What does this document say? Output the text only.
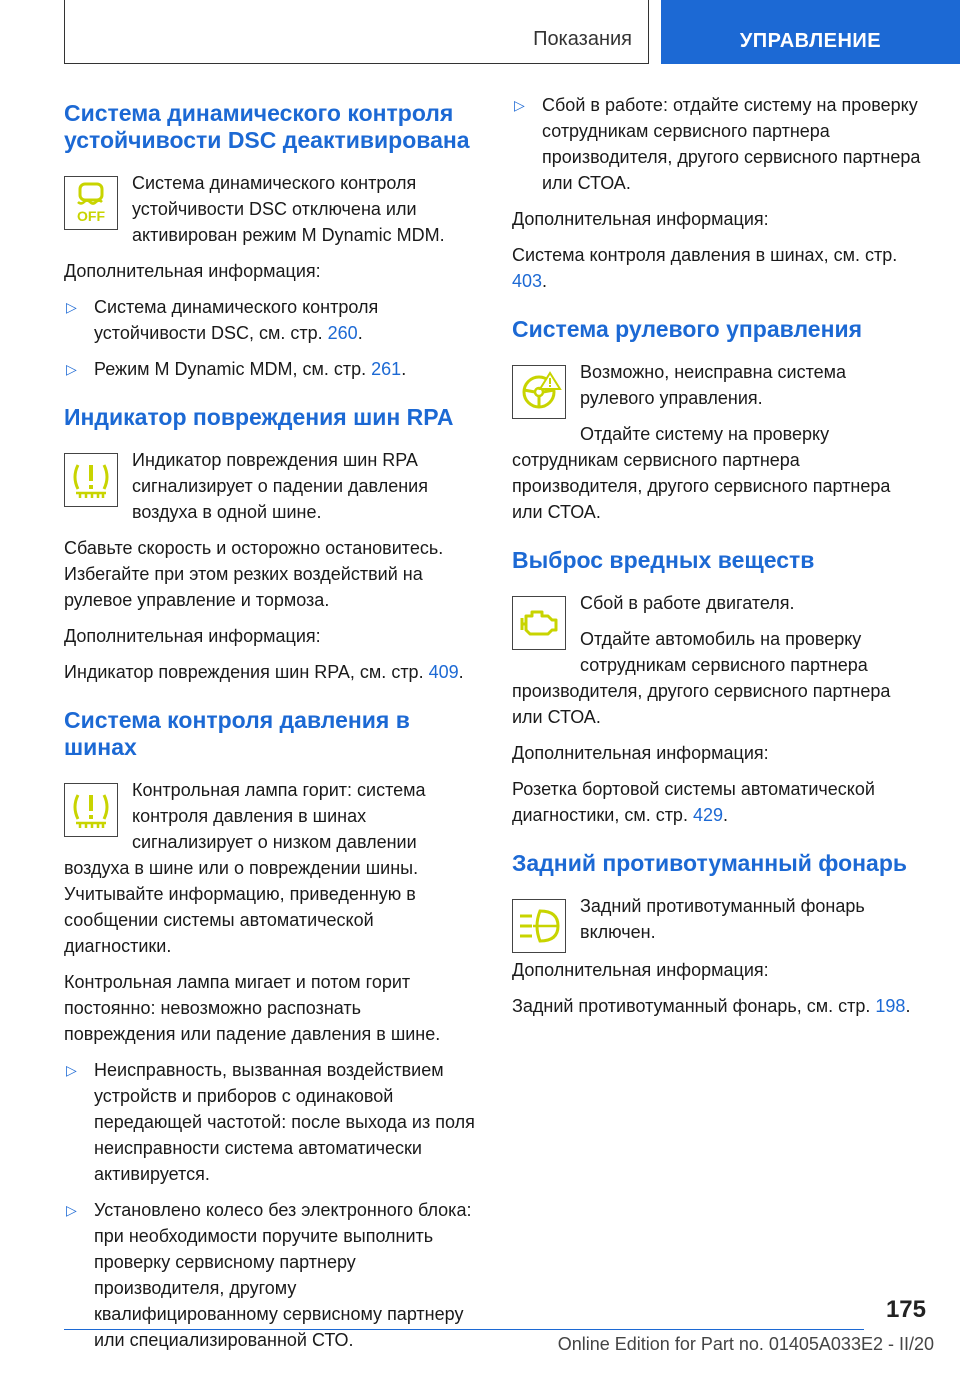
Показания	УПРАВЛЕНИЕ
Система динамического контроля устойчивости DSC деактивирована
OFF

Система динамического контроля устойчивости DSC отключена или активирован режим M Dynamic MDM.

Дополнительная информация:

▷ Система динамического контроля устойчивости DSC, см. стр. 260.
▷ Режим M Dynamic MDM, см. стр. 261.
Индикатор повреждения шин RPA

Индикатор повреждения шин RPA сигнализирует о падении давления воздуха в одной шине.

Сбавьте скорость и осторожно остановитесь. Избегайте при этом резких воздействий на рулевое управление и тормоза.

Дополнительная информация:

Индикатор повреждения шин RPA, см. стр. 409.

Система контроля давления в шинах

Контрольная лампа горит: система контроля давления в шинах сигнализирует о низком давлении воздуха в шине или о повреждении шины. Учитывайте информацию, приведенную в сообщении системы автоматической диагностики.

Контрольная лампа мигает и потом горит постоянно: невозможно распознать повреждения или падение давления в шине.

▷ Неисправность, вызванная воздействием устройств и приборов с одинаковой передающей частотой: после выхода из поля неисправности система автоматически активируется.
▷ Установлено колесо без электронного блока: при необходимости поручите выполнить проверку сервисному партнеру производителя, другому квалифицированному сервисному партнеру или специализированной СТО.
▷ Сбой в работе: отдайте систему на проверку сотрудникам сервисного партнера производителя, другого сервисного партнера или СТОА.

Дополнительная информация:

Система контроля давления в шинах, см. стр. 403.

Система рулевого управления

Возможно, неисправна система рулевого управления.

Отдайте систему на проверку сотрудникам сервисного партнера производителя, другого сервисного партнера или СТОА.

Выброс вредных веществ

Сбой в работе двигателя.

Отдайте автомобиль на проверку сотрудникам сервисного партнера производителя, другого сервисного партнера или СТОА.

Дополнительная информация:

Розетка бортовой системы автоматической диагностики, см. стр. 429.

Задний противотуманный фонарь

Задний противотуманный фонарь включен.

Дополнительная информация:

Задний противотуманный фонарь, см. стр. 198.

175
Online Edition for Part no. 01405A033E2 - II/20
